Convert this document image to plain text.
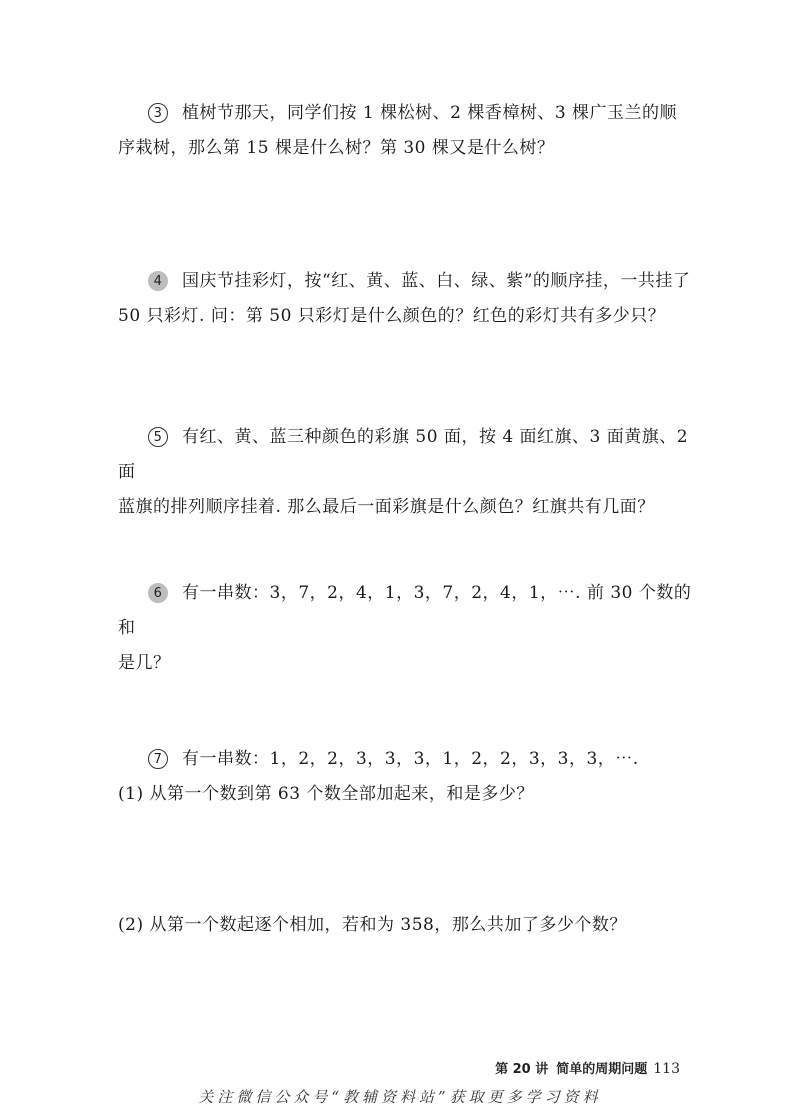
3 植树节那天，同学们按 1 棵松树、2 棵香樟树、3 棵广玉兰的顺
序栽树，那么第 15 棵是什么树？第 30 棵又是什么树？
4 国庆节挂彩灯，按“红、黄、蓝、白、绿、紫”的顺序挂，一共挂了
50 只彩灯. 问：第 50 只彩灯是什么颜色的？红色的彩灯共有多少只？
5 有红、黄、蓝三种颜色的彩旗 50 面，按 4 面红旗、3 面黄旗、2 面
蓝旗的排列顺序挂着. 那么最后一面彩旗是什么颜色？红旗共有几面？
6 有一串数：3，7，2，4，1，3，7，2，4，1，⋯. 前 30 个数的和
是几？
7 有一串数：1，2，2，3，3，3，1，2，2，3，3，3，⋯.
(1) 从第一个数到第 63 个数全部加起来，和是多少？
(2) 从第一个数起逐个相加，若和为 358，那么共加了多少个数？
第 20 讲 简单的周期问题 113
关注微信公众号“教辅资料站”获取更多学习资料
